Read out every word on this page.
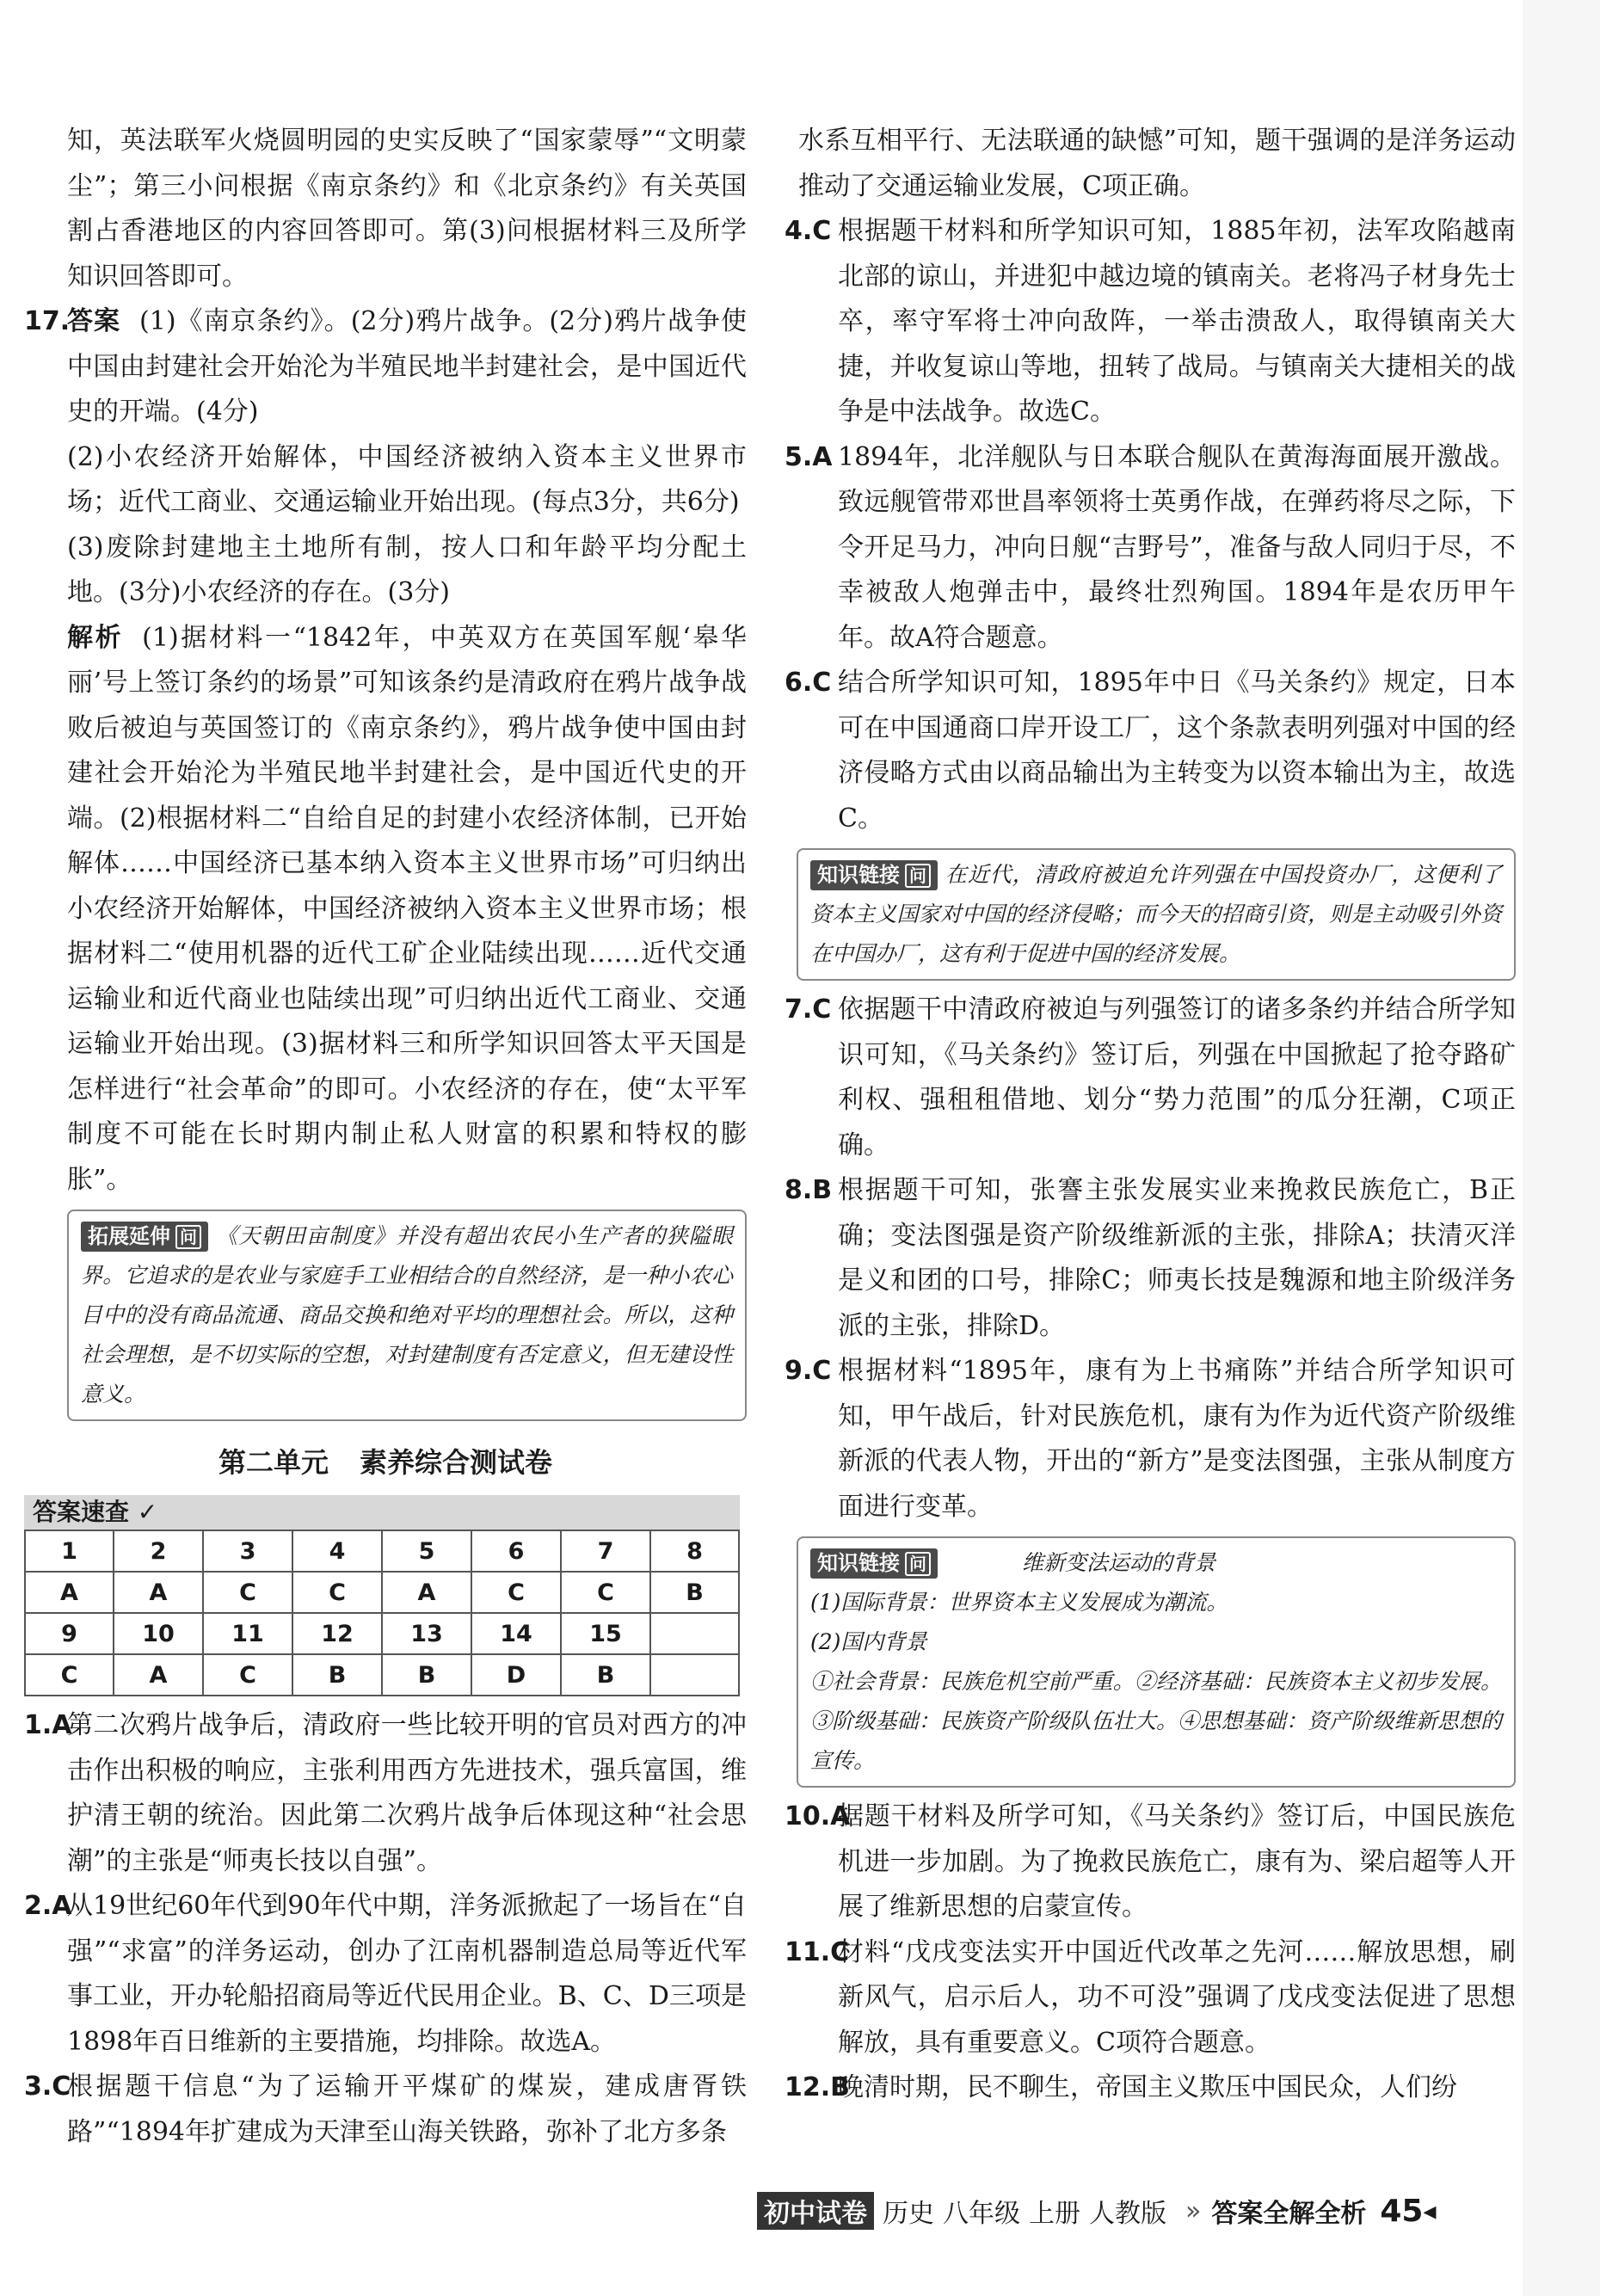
知，英法联军火烧圆明园的史实反映了“国家蒙辱”“文明蒙尘”；第三小问根据《南京条约》和《北京条约》有关英国割占香港地区的内容回答即可。第(3)问根据材料三及所学知识回答即可。

17.
答案 (1)《南京条约》。(2分)鸦片战争。(2分)鸦片战争使中国由封建社会开始沦为半殖民地半封建社会，是中国近代史的开端。(4分)

(2)小农经济开始解体，中国经济被纳入资本主义世界市场；近代工商业、交通运输业开始出现。(每点3分，共6分)

(3)废除封建地主土地所有制，按人口和年龄平均分配土地。(3分)小农经济的存在。(3分)

解析 (1)据材料一“1842年，中英双方在英国军舰‘皋华丽’号上签订条约的场景”可知该条约是清政府在鸦片战争战败后被迫与英国签订的《南京条约》，鸦片战争使中国由封建社会开始沦为半殖民地半封建社会，是中国近代史的开端。(2)根据材料二“自给自足的封建小农经济体制，已开始解体……中国经济已基本纳入资本主义世界市场”可归纳出小农经济开始解体，中国经济被纳入资本主义世界市场；根据材料二“使用机器的近代工矿企业陆续出现……近代交通运输业和近代商业也陆续出现”可归纳出近代工商业、交通运输业开始出现。(3)据材料三和所学知识回答太平天国是怎样进行“社会革命”的即可。小农经济的存在，使“太平军制度不可能在长时期内制止私人财富的积累和特权的膨胀”。

拓展延伸 问 《天朝田亩制度》并没有超出农民小生产者的狭隘眼界。它追求的是农业与家庭手工业相结合的自然经济，是一种小农心目中的没有商品流通、商品交换和绝对平均的理想社会。所以，这种社会理想，是不切实际的空想，对封建制度有否定意义，但无建设性意义。

第二单元 素养综合测试卷
答案速查 ✓
1	2	3	4	5	6	7	8
A	A	C	C	A	C	C	B
9	10	11	12	13	14	15	
C	A	C	B	B	D	B	
1.A
第二次鸦片战争后，清政府一些比较开明的官员对西方的冲击作出积极的响应，主张利用西方先进技术，强兵富国，维护清王朝的统治。因此第二次鸦片战争后体现这种“社会思潮”的主张是“师夷长技以自强”。
2.A
从19世纪60年代到90年代中期，洋务派掀起了一场旨在“自强”“求富”的洋务运动，创办了江南机器制造总局等近代军事工业，开办轮船招商局等近代民用企业。B、C、D三项是1898年百日维新的主要措施，均排除。故选A。
3.C
根据题干信息“为了运输开平煤矿的煤炭，建成唐胥铁路”“1894年扩建成为天津至山海关铁路，弥补了北方多条

水系互相平行、无法联通的缺憾”可知，题干强调的是洋务运动推动了交通运输业发展，C项正确。

4.C 根据题干材料和所学知识可知，1885年初，法军攻陷越南北部的谅山，并进犯中越边境的镇南关。老将冯子材身先士卒，率守军将士冲向敌阵，一举击溃敌人，取得镇南关大捷，并收复谅山等地，扭转了战局。与镇南关大捷相关的战争是中法战争。故选C。
5.A 1894年，北洋舰队与日本联合舰队在黄海海面展开激战。致远舰管带邓世昌率领将士英勇作战，在弹药将尽之际，下令开足马力，冲向日舰“吉野号”，准备与敌人同归于尽，不幸被敌人炮弹击中，最终壮烈殉国。1894年是农历甲午年。故A符合题意。
6.C 结合所学知识可知，1895年中日《马关条约》规定，日本可在中国通商口岸开设工厂，这个条款表明列强对中国的经济侵略方式由以商品输出为主转变为以资本输出为主，故选C。

知识链接 问 在近代，清政府被迫允许列强在中国投资办厂，这便利了资本主义国家对中国的经济侵略；而今天的招商引资，则是主动吸引外资在中国办厂，这有利于促进中国的经济发展。

7.C 依据题干中清政府被迫与列强签订的诸多条约并结合所学知识可知，《马关条约》签订后，列强在中国掀起了抢夺路矿利权、强租租借地、划分“势力范围”的瓜分狂潮，C项正确。
8.B 根据题干可知，张謇主张发展实业来挽救民族危亡，B正确；变法图强是资产阶级维新派的主张，排除A；扶清灭洋是义和团的口号，排除C；师夷长技是魏源和地主阶级洋务派的主张，排除D。
9.C 根据材料“1895年，康有为上书痛陈”并结合所学知识可知，甲午战后，针对民族危机，康有为作为近代资产阶级维新派的代表人物，开出的“新方”是变法图强，主张从制度方面进行变革。

知识链接 问	维新变法运动的背景

(1)国际背景：世界资本主义发展成为潮流。

(2)国内背景

①社会背景：民族危机空前严重。②经济基础：民族资本主义初步发展。③阶级基础：民族资产阶级队伍壮大。④思想基础：资产阶级维新思想的宣传。

10.A
据题干材料及所学可知，《马关条约》签订后，中国民族危机进一步加剧。为了挽救民族危亡，康有为、梁启超等人开展了维新思想的启蒙宣传。
11.C
材料“戊戌变法实开中国近代改革之先河……解放思想，刷新风气，启示后人，功不可没”强调了戊戌变法促进了思想解放，具有重要意义。C项符合题意。
12.B
晚清时期，民不聊生，帝国主义欺压中国民众，人们纷
初中试卷 历史 八年级 上册 人教版 » 答案全解全析 45 ◂
